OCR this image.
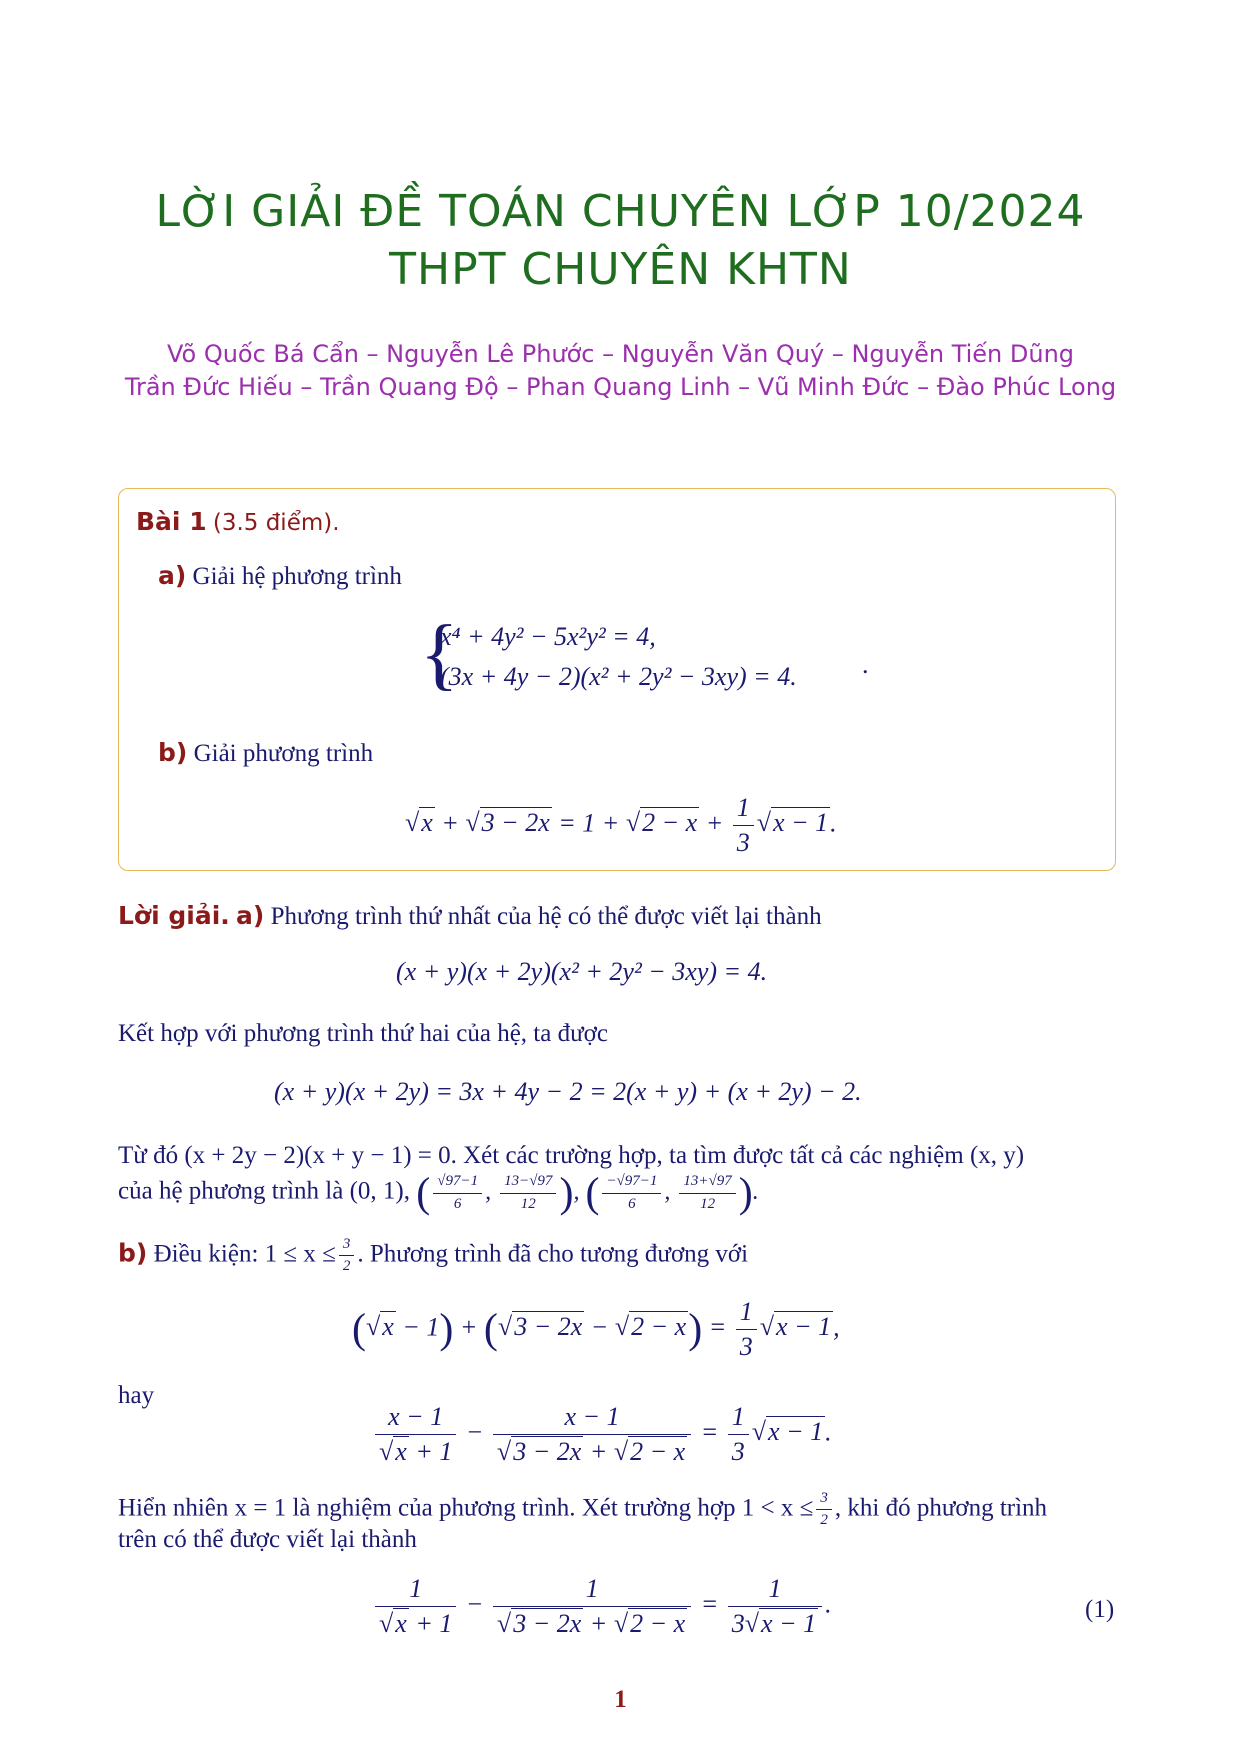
LỜI GIẢI ĐỀ TOÁN CHUYÊN LỚP 10/2024
THPT CHUYÊN KHTN
Võ Quốc Bá Cẩn – Nguyễn Lê Phước – Nguyễn Văn Quý – Nguyễn Tiến Dũng
Trần Đức Hiếu – Trần Quang Độ – Phan Quang Linh – Vũ Minh Đức – Đào Phúc Long
Bài 1 (3.5 điểm).
a) Giải hệ phương trình
{
x⁴ + 4y² − 5x²y² = 4,
(3x + 4y − 2)(x² + 2y² − 3xy) = 4.	.
b) Giải phương trình
$√x + √3 - 2x = 1 + √2 - x + \frac{1}{3} √x - 1$.
Lời giải. a) Phương trình thứ nhất của hệ có thể được viết lại thành
(x + y)(x + 2y)(x² + 2y² − 3xy) = 4.
Kết hợp với phương trình thứ hai của hệ, ta được
(x + y)(x + 2y) = 3x + 4y − 2 = 2(x + y) + (x + 2y) − 2.
Từ đó (x + 2y − 2)(x + y − 1) = 0. Xét các trường hợp, ta tìm được tất cả các nghiệm (x, y)
của hệ phương trình là (0, 1), ( $\frac{√97-1}{6}$ , $\frac{13-√97}{12}$ ), ( $\frac{-√97-1}{6}$ , $\frac{13+√97}{12}$ ).
b) Điều kiện: $1 \le x \le \frac{3}{2}$ . Phương trình đã cho tương đương với
$(√x - 1) + (√3 - 2x - √2 - x) = \frac{1}{3} √x - 1$,
hay
$\frac{x - 1}{√x + 1} - \frac{x - 1}{√3 - 2x + √2 - x} = \frac{1}{3} √x - 1$.
Hiển nhiên x = 1 là nghiệm của phương trình. Xét trường hợp $1 < x \le \frac{3}{2}$ , khi đó phương trình
trên có thể được viết lại thành
$\frac{1}{√x + 1} - \frac{1}{√3 - 2x + √2 - x} = \frac{1}{3√x - 1}$ .	(1)
1
